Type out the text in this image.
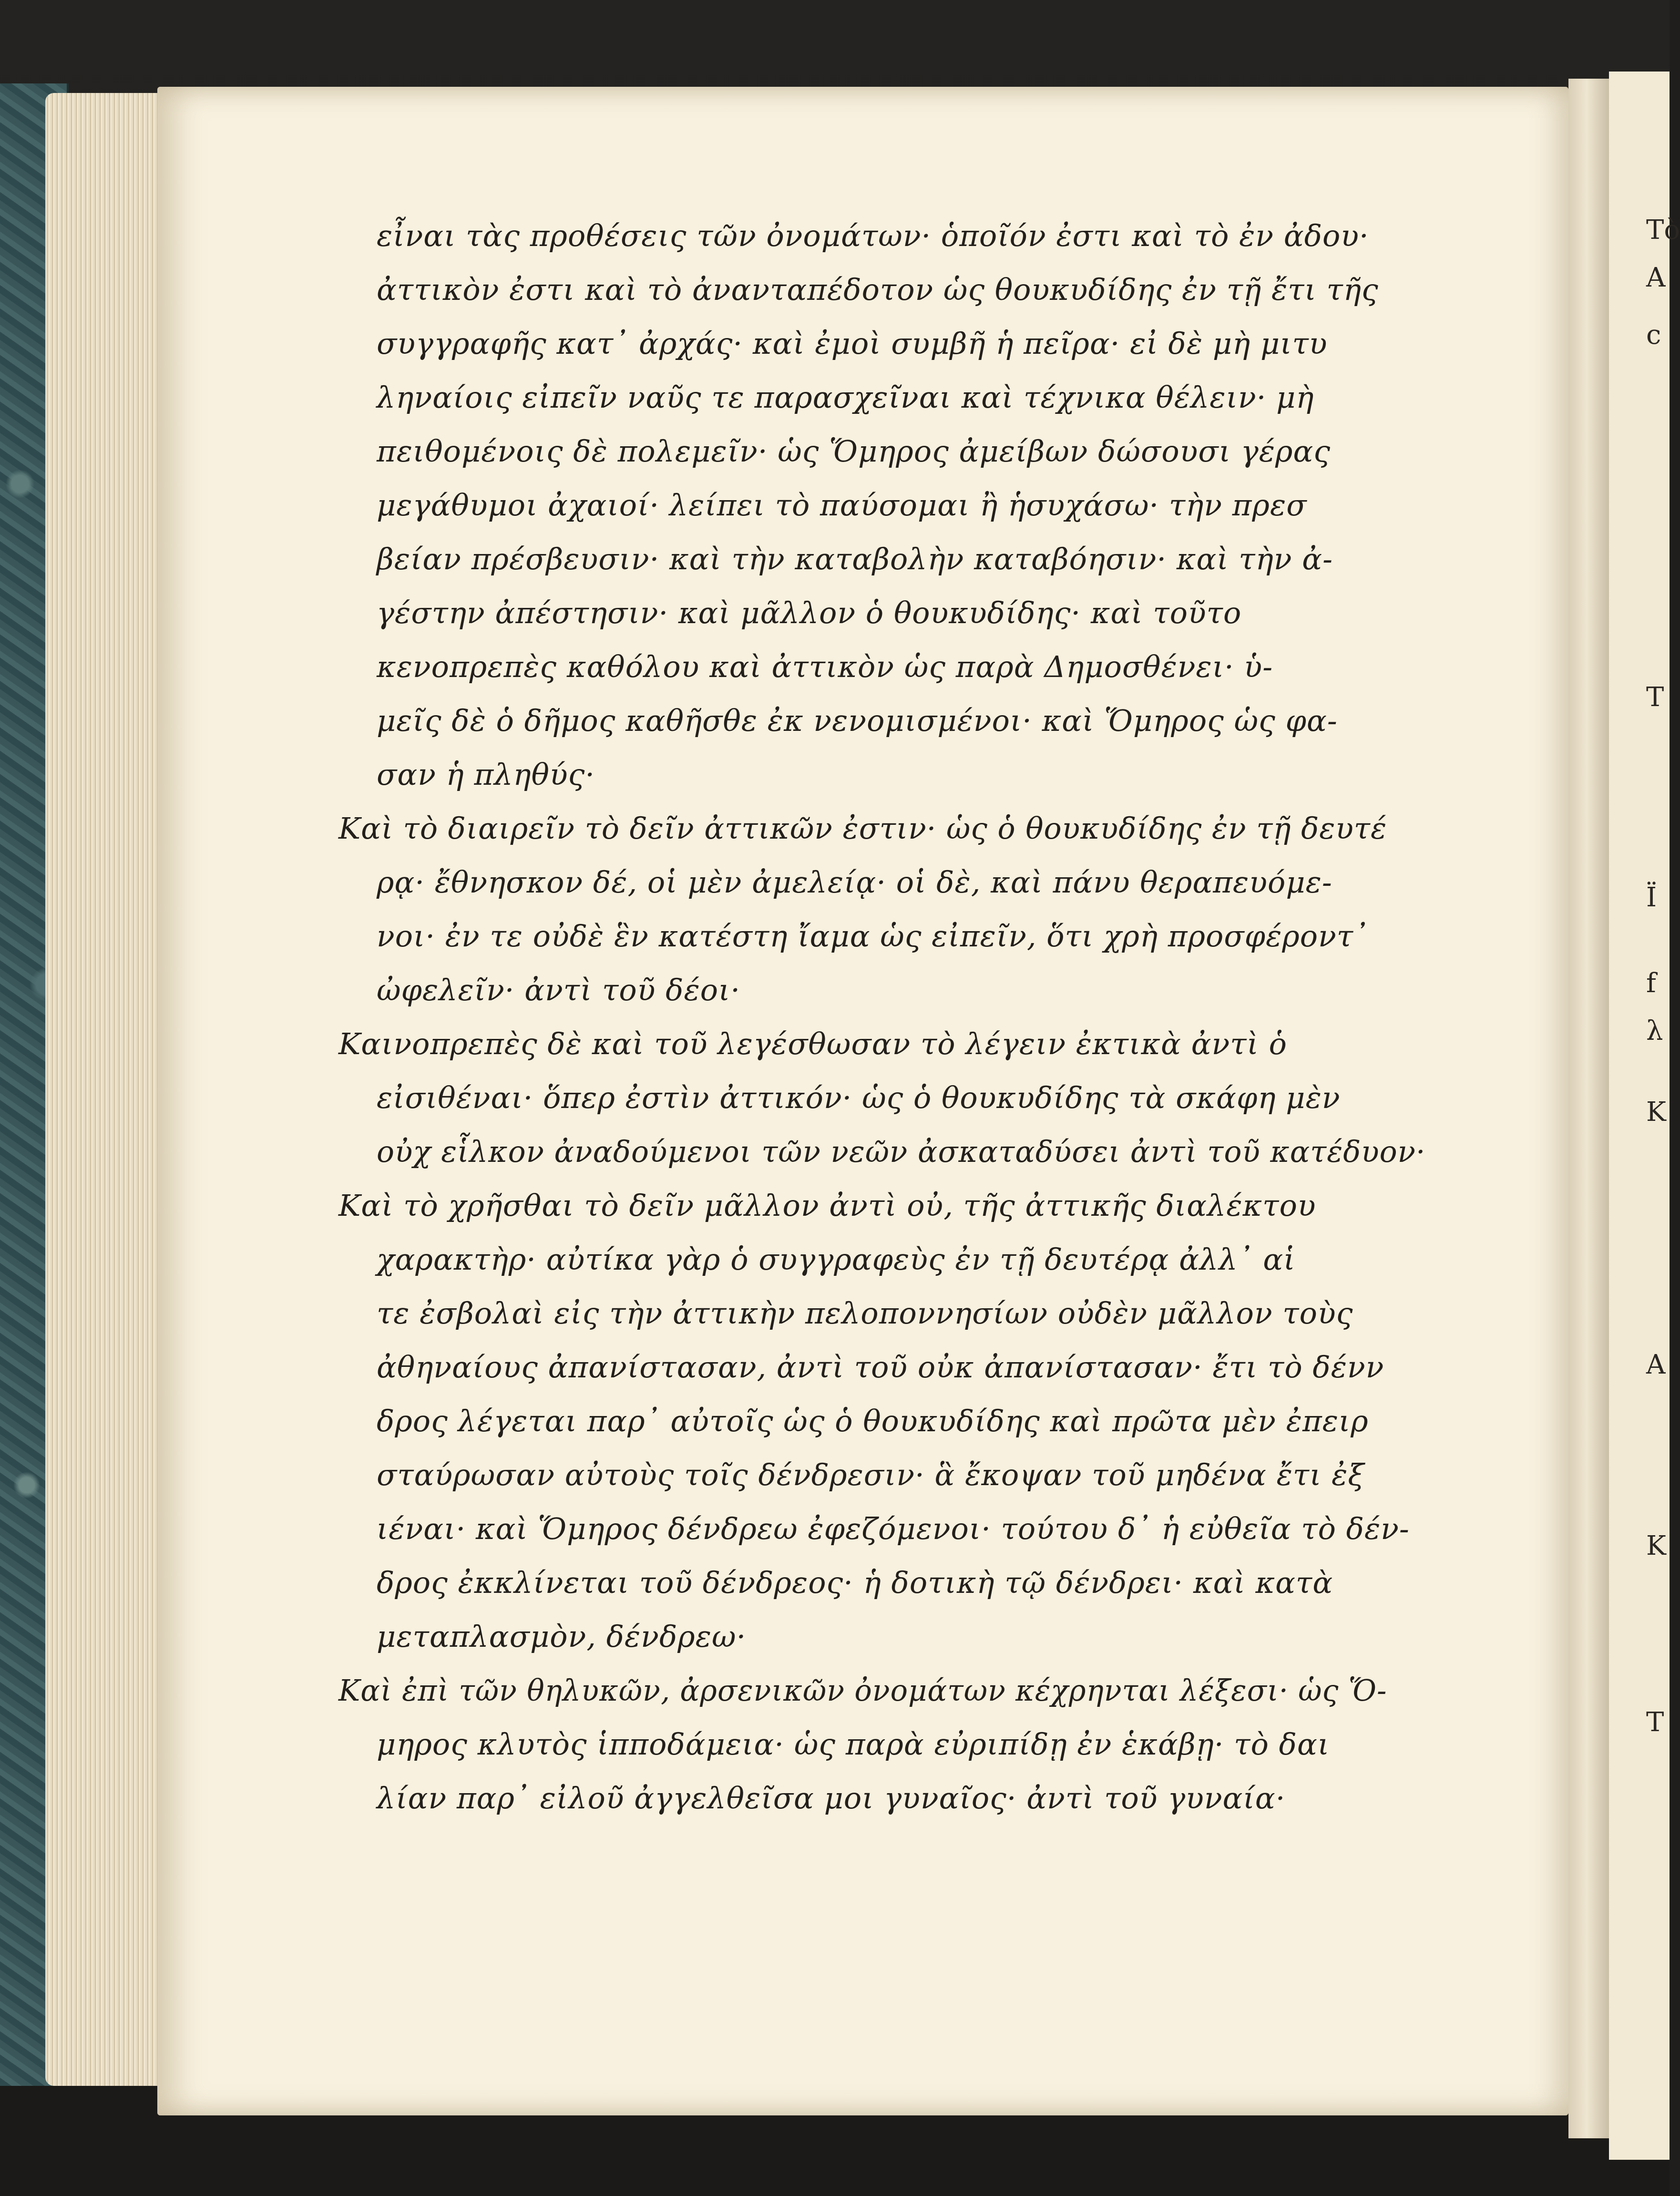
Τὸ
Α
c
Τ
Ϊ
f
λ
Κ
Α
Κ
Τ
εἶναι τὰς προθέσεις τῶν ὀνομάτων· ὁποῖόν ἐστι καὶ τὸ ἐν ἀδου·
ἀττικὸν ἐστι καὶ τὸ ἀνανταπέδοτον ὡς θουκυδίδης ἐν τῇ ἔτι τῆς
συγγραφῆς κατ᾽ ἀρχάς· καὶ ἐμοὶ συμβῆ ἡ πεῖρα· εἰ δὲ μὴ μιτυ
ληναίοις εἰπεῖν ναῦς τε παρασχεῖναι καὶ τέχνικα θέλειν· μὴ
πειθομένοις δὲ πολεμεῖν· ὡς Ὅμηρος ἀμείβων δώσουσι γέρας
μεγάθυμοι ἀχαιοί· λείπει τὸ παύσομαι ἢ ἡσυχάσω· τὴν πρεσ
βείαν πρέσβευσιν· καὶ τὴν καταβολὴν καταβόησιν· καὶ τὴν ἀ-
γέστην ἀπέστησιν· καὶ μᾶλλον ὁ θουκυδίδης· καὶ τοῦτο
κενοπρεπὲς καθόλου καὶ ἀττικὸν ὡς παρὰ Δημοσθένει· ὑ-
μεῖς δὲ ὁ δῆμος καθῆσθε ἐκ νενομισμένοι· καὶ Ὅμηρος ὡς φα-
σαν ἡ πληθύς·
Καὶ τὸ διαιρεῖν τὸ δεῖν ἀττικῶν ἐστιν· ὡς ὁ θουκυδίδης ἐν τῇ δευτέ
ρᾳ· ἔθνησκον δέ, οἱ μὲν ἀμελείᾳ· οἱ δὲ, καὶ πάνυ θεραπευόμε-
νοι· ἐν τε οὐδὲ ἓν κατέστη ἴαμα ὡς εἰπεῖν, ὅτι χρὴ προσφέροντ᾽
ὠφελεῖν· ἀντὶ τοῦ δέοι·
Καινοπρεπὲς δὲ καὶ τοῦ λεγέσθωσαν τὸ λέγειν ἐκτικὰ ἀντὶ ὁ
εἰσιθέναι· ὅπερ ἐστὶν ἀττικόν· ὡς ὁ θουκυδίδης τὰ σκάφη μὲν
οὐχ εἷλκον ἀναδούμενοι τῶν νεῶν ἀσκαταδύσει ἀντὶ τοῦ κατέδυον·
Καὶ τὸ χρῆσθαι τὸ δεῖν μᾶλλον ἀντὶ οὐ, τῆς ἀττικῆς διαλέκτου
χαρακτὴρ· αὐτίκα γὰρ ὁ συγγραφεὺς ἐν τῇ δευτέρᾳ ἀλλ᾽ αἱ
τε ἐσβολαὶ εἰς τὴν ἀττικὴν πελοποννησίων οὐδὲν μᾶλλον τοὺς
ἀθηναίους ἀπανίστασαν, ἀντὶ τοῦ οὐκ ἀπανίστασαν· ἔτι τὸ δένν
δρος λέγεται παρ᾽ αὐτοῖς ὡς ὁ θουκυδίδης καὶ πρῶτα μὲν ἐπειρ
σταύρωσαν αὐτοὺς τοῖς δένδρεσιν· ἃ ἔκοψαν τοῦ μηδένα ἔτι ἐξ
ιέναι· καὶ Ὅμηρος δένδρεω ἐφεζόμενοι· τούτου δ᾽ ἡ εὐθεῖα τὸ δέν-
δρος ἐκκλίνεται τοῦ δένδρεος· ἡ δοτικὴ τῷ δένδρει· καὶ κατὰ
μεταπλασμὸν, δένδρεω·
Καὶ ἐπὶ τῶν θηλυκῶν, ἀρσενικῶν ὀνομάτων κέχρηνται λέξεσι· ὡς Ὅ-
μηρος κλυτὸς ἱπποδάμεια· ὡς παρὰ εὐριπίδῃ ἐν ἑκάβῃ· τὸ δαι
λίαν παρ᾽ εἰλοῦ ἀγγελθεῖσα μοι γυναῖος· ἀντὶ τοῦ γυναία·
